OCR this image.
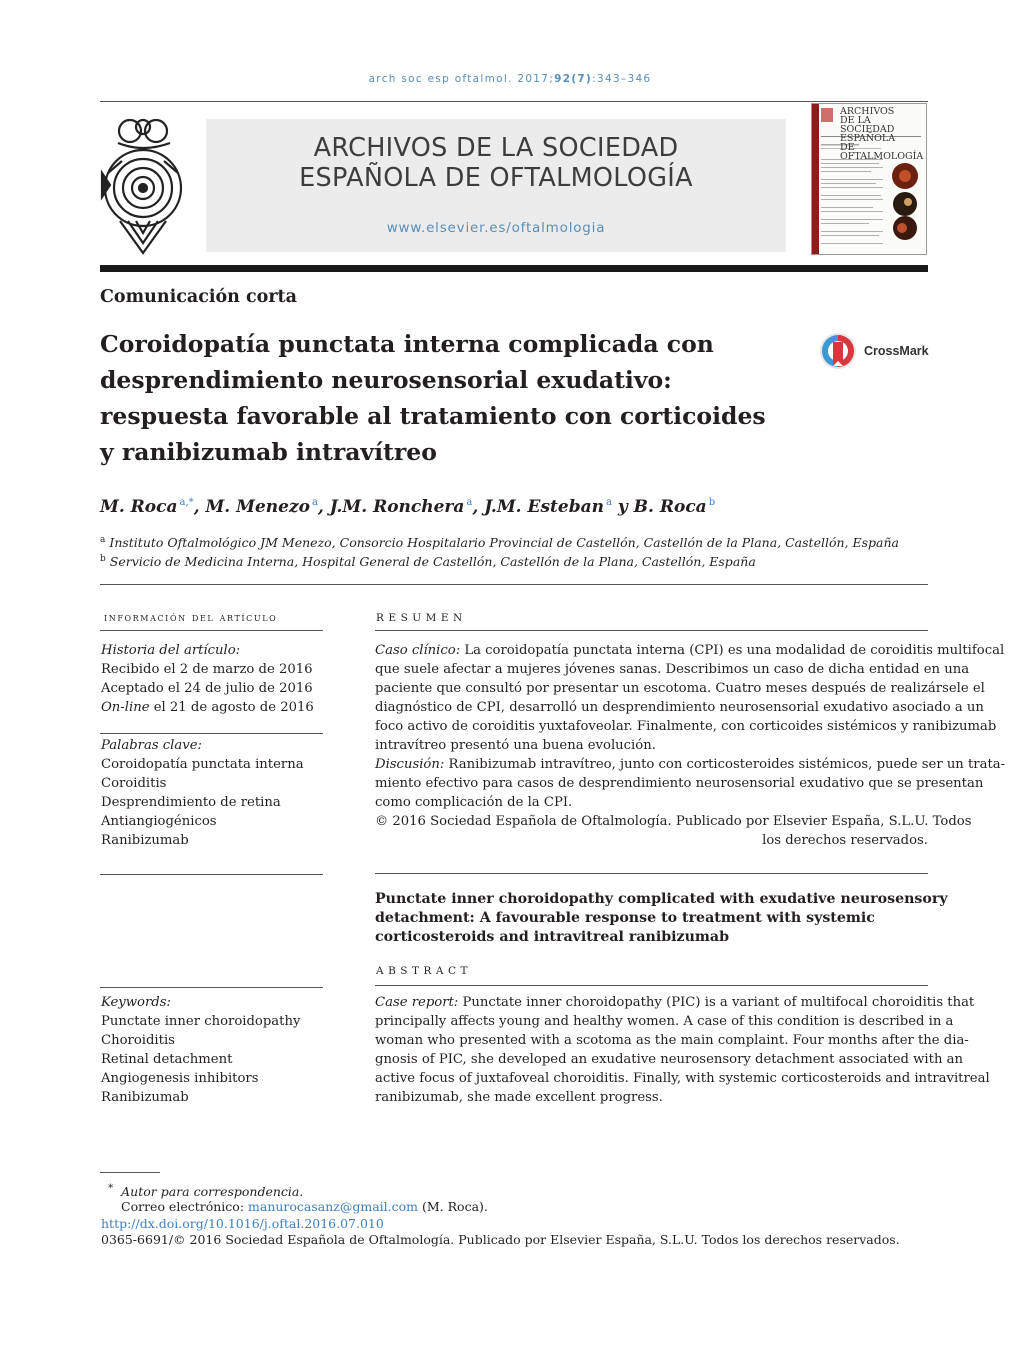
arch soc esp oftalmol. 2017;92(7):343–346
ARCHIVOS DE LA SOCIEDAD
ESPAÑOLA DE OFTALMOLOGÍA
www.elsevier.es/oftalmologia
ARCHIVOS
DE LA SOCIEDAD
ESPAÑOLA
DE OFTALMOLOGÍA
Comunicación corta
Coroidopatía punctata interna complicada con
desprendimiento neurosensorial exudativo:
respuesta favorable al tratamiento con corticoides
y ranibizumab intravítreo
CrossMark
M. Roca $^{a,*}$, M. Menezo $^a$, J.M. Ronchera $^a$, J.M. Esteban $^a$ y B. Roca $^b$
$^a$ Instituto Oftalmológico JM Menezo, Consorcio Hospitalario Provincial de Castellón, Castellón de la Plana, Castellón, España
$^b$ Servicio de Medicina Interna, Hospital General de Castellón, Castellón de la Plana, Castellón, España
información del artículo
Historia del artículo:
Recibido el 2 de marzo de 2016
Aceptado el 24 de julio de 2016
On-line el 21 de agosto de 2016
Palabras clave:
Coroidopatía punctata interna
Coroiditis
Desprendimiento de retina
Antiangiogénicos
Ranibizumab
Keywords:
Punctate inner choroidopathy
Choroiditis
Retinal detachment
Angiogenesis inhibitors
Ranibizumab
RESUMEN
Caso clínico: La coroidopatía punctata interna (CPI) es una modalidad de coroiditis multifocal
que suele afectar a mujeres jóvenes sanas. Describimos un caso de dicha entidad en una
paciente que consultó por presentar un escotoma. Cuatro meses después de realizársele el
diagnóstico de CPI, desarrolló un desprendimiento neurosensorial exudativo asociado a un
foco activo de coroiditis yuxtafoveolar. Finalmente, con corticoides sistémicos y ranibizumab
intravítreo presentó una buena evolución.
Discusión: Ranibizumab intravítreo, junto con corticosteroides sistémicos, puede ser un trata-
miento efectivo para casos de desprendimiento neurosensorial exudativo que se presentan
como complicación de la CPI.
© 2016 Sociedad Española de Oftalmología. Publicado por Elsevier España, S.L.U. Todos
los derechos reservados.
Punctate inner choroidopathy complicated with exudative neurosensory
detachment: A favourable response to treatment with systemic
corticosteroids and intravitreal ranibizumab
ABSTRACT
Case report: Punctate inner choroidopathy (PIC) is a variant of multifocal choroiditis that
principally affects young and healthy women. A case of this condition is described in a
woman who presented with a scotoma as the main complaint. Four months after the dia-
gnosis of PIC, she developed an exudative neurosensory detachment associated with an
active focus of juxtafoveal choroiditis. Finally, with systemic corticosteroids and intravitreal
ranibizumab, she made excellent progress.
* Autor para correspondencia.
Correo electrónico: manurocasanz@gmail.com (M. Roca).
http://dx.doi.org/10.1016/j.oftal.2016.07.010
0365-6691/© 2016 Sociedad Española de Oftalmología. Publicado por Elsevier España, S.L.U. Todos los derechos reservados.
